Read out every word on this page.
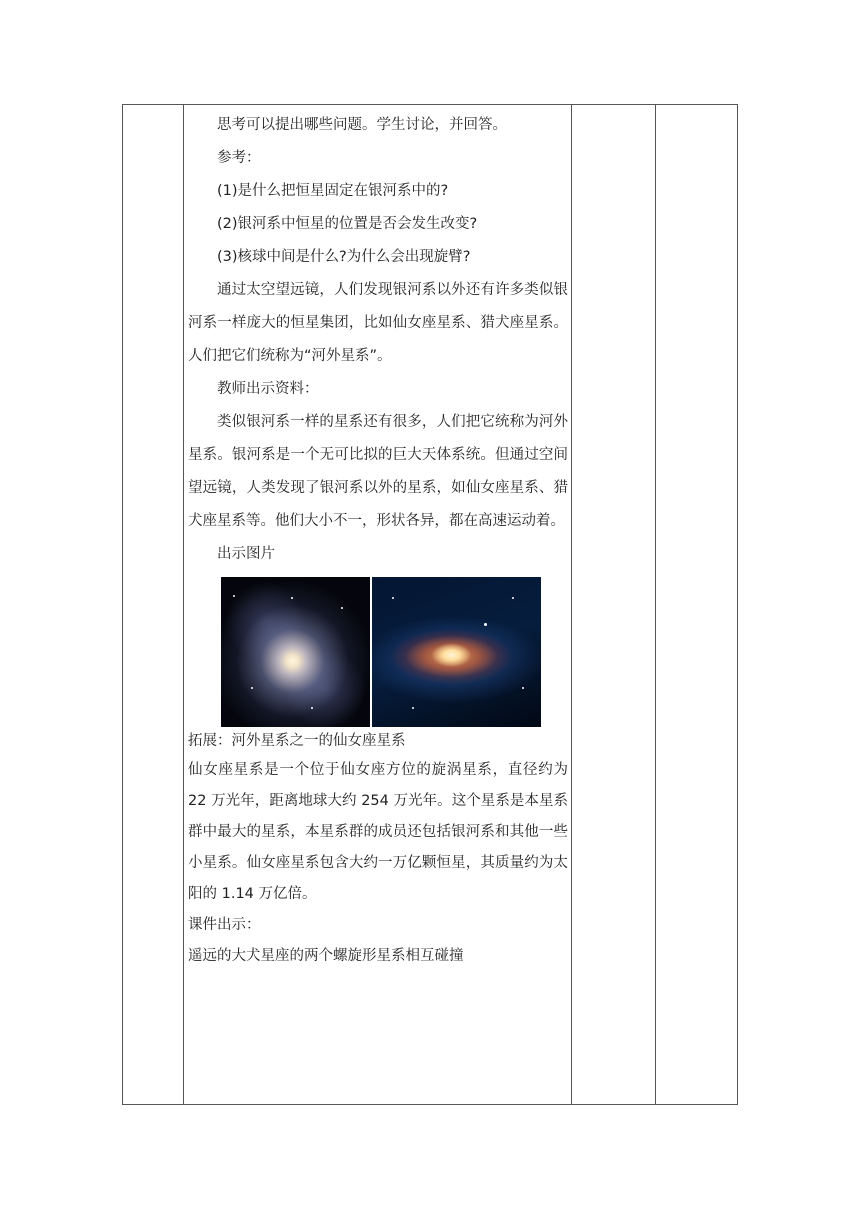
思考可以提出哪些问题。学生讨论，并回答。

参考：

(1)是什么把恒星固定在银河系中的?

(2)银河系中恒星的位置是否会发生改变?

(3)核球中间是什么?为什么会出现旋臂?

通过太空望远镜，人们发现银河系以外还有许多类似银河系一样庞大的恒星集团，比如仙女座星系、猎犬座星系。人们把它们统称为“河外星系”。

教师出示资料：

类似银河系一样的星系还有很多，人们把它统称为河外星系。银河系是一个无可比拟的巨大天体系统。但通过空间望远镜，人类发现了银河系以外的星系，如仙女座星系、猎犬座星系等。他们大小不一，形状各异，都在高速运动着。

出示图片

拓展：河外星系之一的仙女座星系

仙女座星系是一个位于仙女座方位的旋涡星系，直径约为 22 万光年，距离地球大约 254 万光年。这个星系是本星系群中最大的星系，本星系群的成员还包括银河系和其他一些小星系。仙女座星系包含大约一万亿颗恒星，其质量约为太阳的 1.14 万亿倍。

课件出示：

遥远的大犬星座的两个螺旋形星系相互碰撞
